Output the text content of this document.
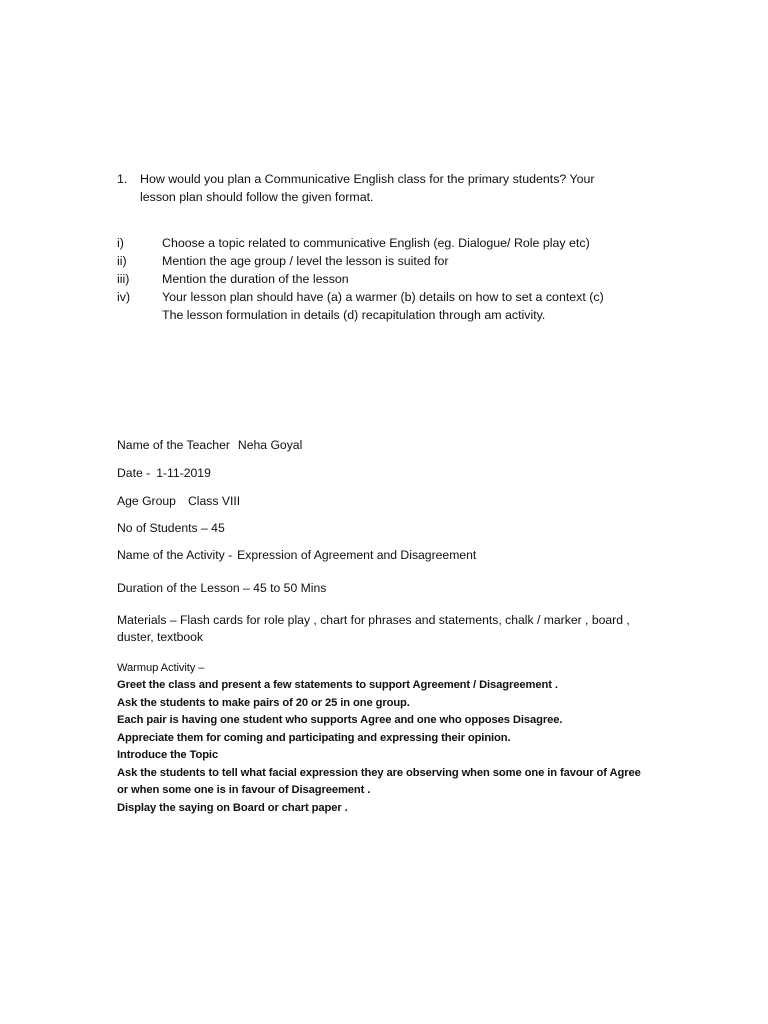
1. How would you plan a Communicative English class for the primary students? Your
lesson plan should follow the given format.
i)	Choose a topic related to communicative English (eg. Dialogue/ Role play etc)
ii)	Mention the age group / level the lesson is suited for
iii)	Mention the duration of the lesson
iv)	Your lesson plan should have (a) a warmer (b) details on how to set a context (c)
The lesson formulation in details (d) recapitulation through am activity.
Name of the Teacher Neha Goyal
Date - 1-11-2019
Age Group Class VIII
No of Students – 45
Name of the Activity - Expression of Agreement and Disagreement
Duration of the Lesson – 45 to 50 Mins
Materials – Flash cards for role play , chart for phrases and statements, chalk / marker , board ,
duster, textbook
Warmup Activity –
Greet the class and present a few statements to support Agreement / Disagreement .
Ask the students to make pairs of 20 or 25 in one group.
Each pair is having one student who supports Agree and one who opposes Disagree.
Appreciate them for coming and participating and expressing their opinion.
Introduce the Topic
Ask the students to tell what facial expression they are observing when some one in favour of Agree
or when some one is in favour of Disagreement .
Display the saying on Board or chart paper .
